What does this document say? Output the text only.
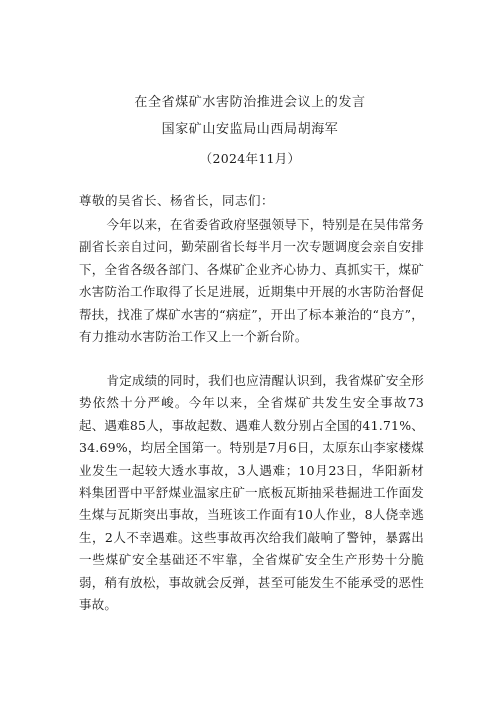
在全省煤矿水害防治推进会议上的发言
国家矿山安监局山西局胡海军
（2024年11月）
尊敬的吴省长、杨省长，同志们：

今年以来，在省委省政府坚强领导下，特别是在吴伟常务副省长亲自过问，勤荣副省长每半月一次专题调度会亲自安排下，全省各级各部门、各煤矿企业齐心协力、真抓实干，煤矿水害防治工作取得了长足进展，近期集中开展的水害防治督促帮扶，找准了煤矿水害的“病症”，开出了标本兼治的“良方”，有力推动水害防治工作又上一个新台阶。

肯定成绩的同时，我们也应清醒认识到，我省煤矿安全形势依然十分严峻。今年以来，全省煤矿共发生安全事故73起、遇难85人，事故起数、遇难人数分别占全国的41.71%、34.69%，均居全国第一。特别是7月6日，太原东山李家楼煤业发生一起较大透水事故，3人遇难；10月23日，华阳新材料集团晋中平舒煤业温家庄矿一底板瓦斯抽采巷掘进工作面发生煤与瓦斯突出事故，当班该工作面有10人作业，8人侥幸逃生，2人不幸遇难。这些事故再次给我们敲响了警钟，暴露出一些煤矿安全基础还不牢靠，全省煤矿安全生产形势十分脆弱，稍有放松，事故就会反弹，甚至可能发生不能承受的恶性事故。
